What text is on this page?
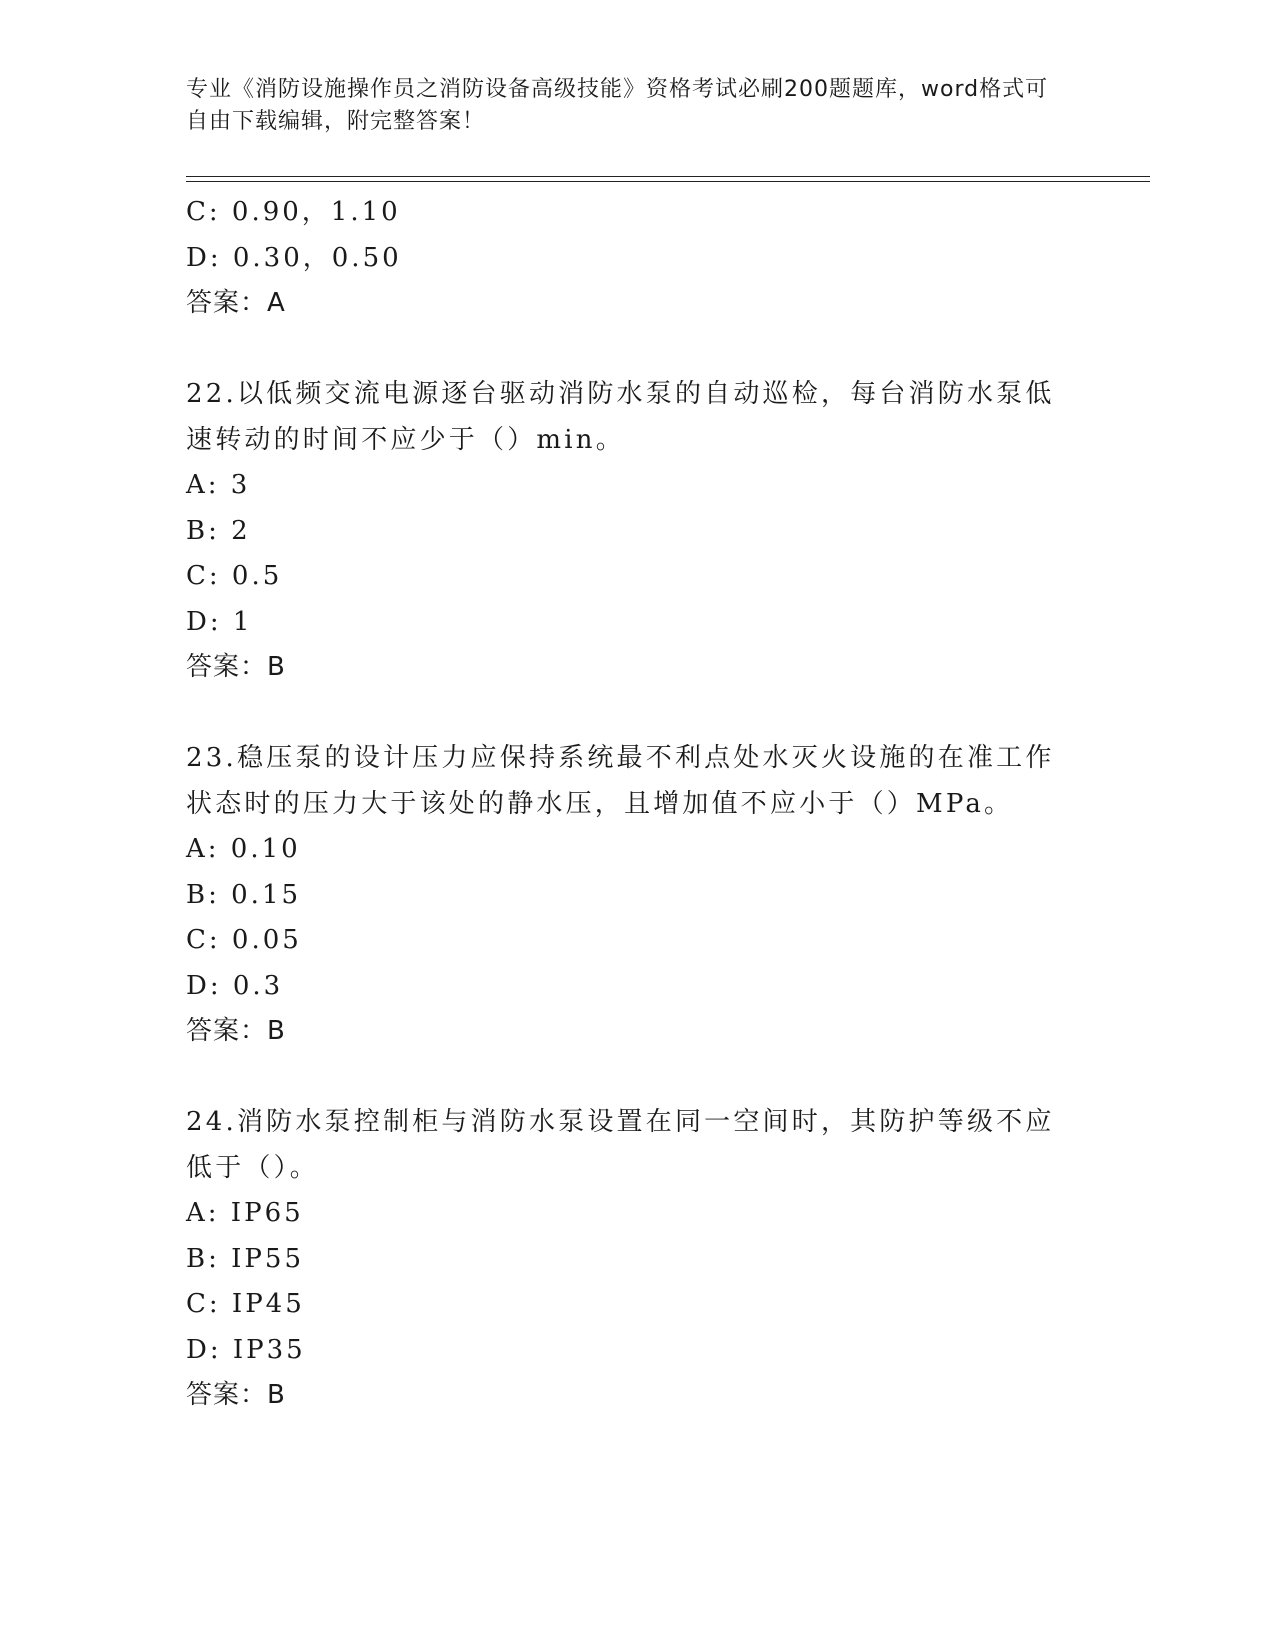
专业《消防设施操作员之消防设备高级技能》资格考试必刷200题题库，word格式可自由下载编辑，附完整答案！
C: 0.90，1.10
D: 0.30，0.50
答案：A
22.以低频交流电源逐台驱动消防水泵的自动巡检，每台消防水泵低速转动的时间不应少于（）min。
A: 3
B: 2
C: 0.5
D: 1
答案：B
23.稳压泵的设计压力应保持系统最不利点处水灭火设施的在准工作状态时的压力大于该处的静水压，且增加值不应小于（）MPa。
A: 0.10
B: 0.15
C: 0.05
D: 0.3
答案：B
24.消防水泵控制柜与消防水泵设置在同一空间时，其防护等级不应低于（）。
A: IP65
B: IP55
C: IP45
D: IP35
答案：B
